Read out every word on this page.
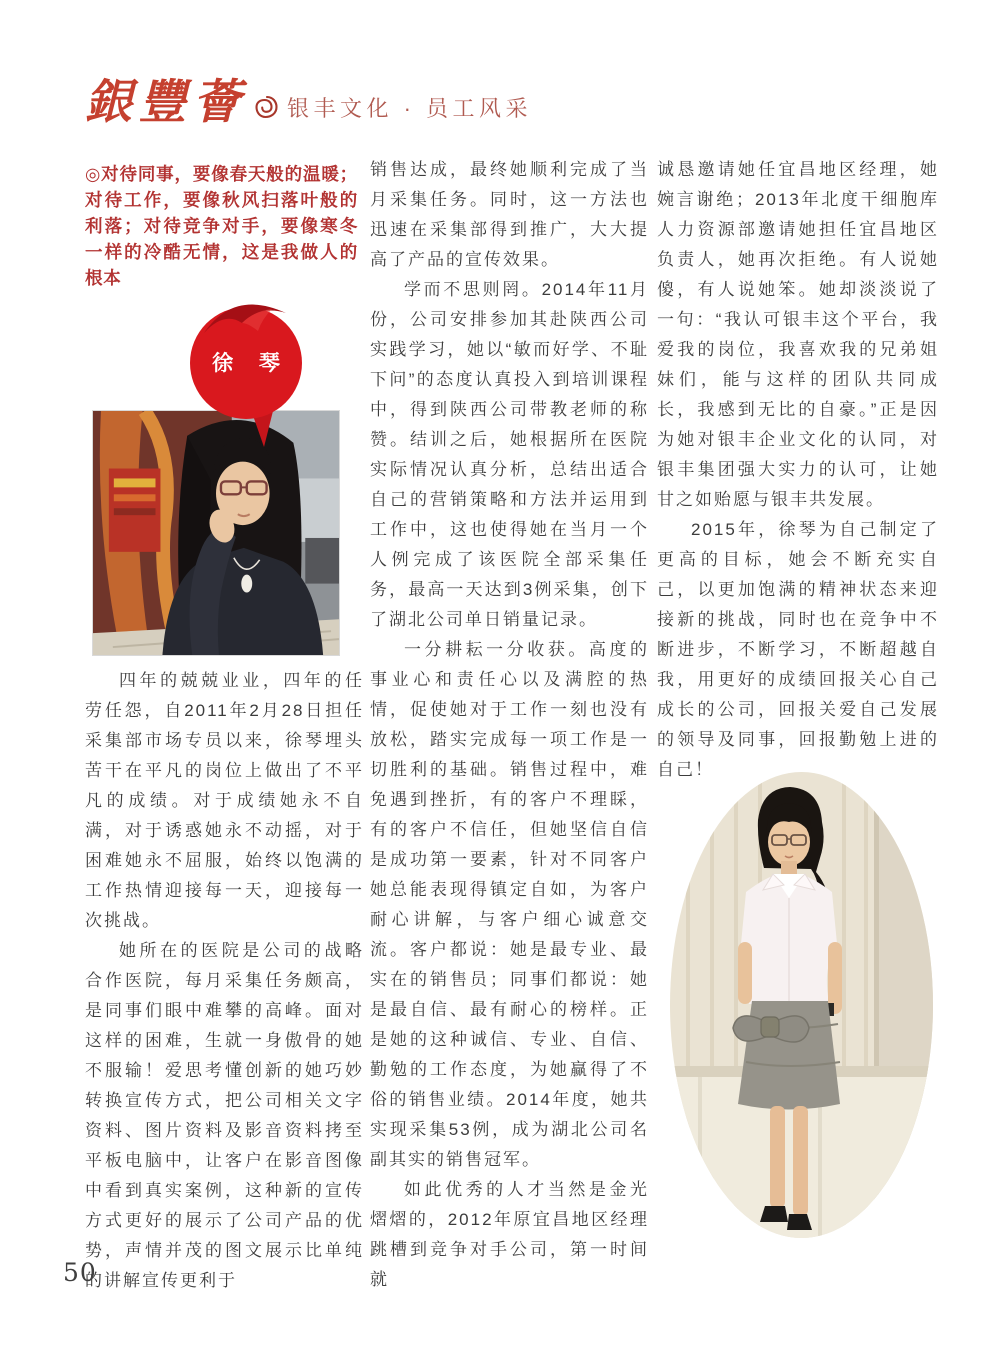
銀豐薈 银丰文化 · 员工风采
◎对待同事，要像春天般的温暖；对待工作，要像秋风扫落叶般的利落；对待竞争对手，要像寒冬一样的冷酷无情，这是我做人的根本
徐 琴

四年的兢兢业业，四年的任劳任怨，自2011年2月28日担任采集部市场专员以来，徐琴埋头苦干在平凡的岗位上做出了不平凡的成绩。对于成绩她永不自满，对于诱惑她永不动摇，对于困难她永不屈服，始终以饱满的工作热情迎接每一天，迎接每一次挑战。

她所在的医院是公司的战略合作医院，每月采集任务颇高，是同事们眼中难攀的高峰。面对这样的困难，生就一身傲骨的她不服输！爱思考懂创新的她巧妙转换宣传方式，把公司相关文字资料、图片资料及影音资料拷至平板电脑中，让客户在影音图像中看到真实案例，这种新的宣传方式更好的展示了公司产品的优势，声情并茂的图文展示比单纯的讲解宣传更利于

销售达成，最终她顺利完成了当月采集任务。同时，这一方法也迅速在采集部得到推广，大大提高了产品的宣传效果。

学而不思则罔。2014年11月份，公司安排参加其赴陕西公司实践学习，她以“敏而好学、不耻下问”的态度认真投入到培训课程中，得到陕西公司带教老师的称赞。结训之后，她根据所在医院实际情况认真分析，总结出适合自己的营销策略和方法并运用到工作中，这也使得她在当月一个人例完成了该医院全部采集任务，最高一天达到3例采集，创下了湖北公司单日销量记录。

一分耕耘一分收获。高度的事业心和责任心以及满腔的热情，促使她对于工作一刻也没有放松，踏实完成每一项工作是一切胜利的基础。销售过程中，难免遇到挫折，有的客户不理睬，有的客户不信任，但她坚信自信是成功第一要素，针对不同客户她总能表现得镇定自如，为客户耐心讲解，与客户细心诚意交流。客户都说：她是最专业、最实在的销售员；同事们都说：她是最自信、最有耐心的榜样。正是她的这种诚信、专业、自信、勤勉的工作态度，为她赢得了不俗的销售业绩。2014年度，她共实现采集53例，成为湖北公司名副其实的销售冠军。

如此优秀的人才当然是金光熠熠的，2012年原宜昌地区经理跳槽到竞争对手公司，第一时间就

诚恳邀请她任宜昌地区经理，她婉言谢绝；2013年北度干细胞库人力资源部邀请她担任宜昌地区负责人，她再次拒绝。有人说她傻，有人说她笨。她却淡淡说了一句：“我认可银丰这个平台，我爱我的岗位，我喜欢我的兄弟姐妹们，能与这样的团队共同成长，我感到无比的自豪。”正是因为她对银丰企业文化的认同，对银丰集团强大实力的认可，让她甘之如贻愿与银丰共发展。

2015年，徐琴为自己制定了更高的目标，她会不断充实自己，以更加饱满的精神状态来迎接新的挑战，同时也在竞争中不断进步，不断学习，不断超越自我，用更好的成绩回报关心自己成长的公司，回报关爱自己发展的领导及同事，回报勤勉上进的自己！

50
